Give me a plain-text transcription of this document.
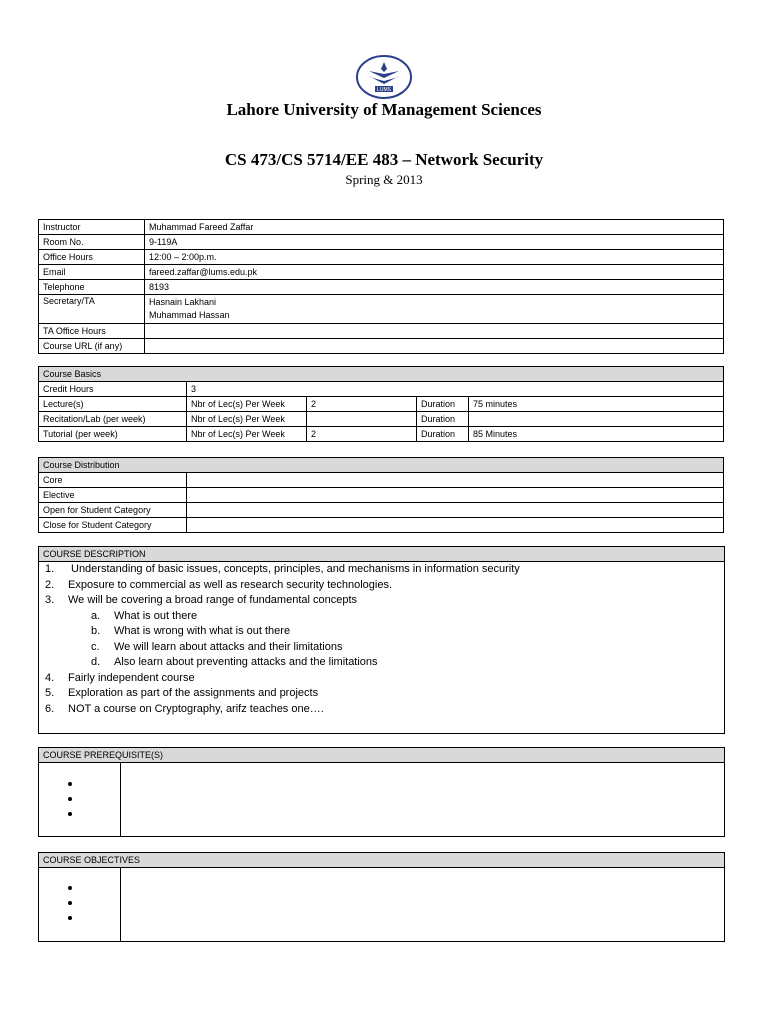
LUMS
Lahore University of Management Sciences
CS 473/CS 5714/EE 483 – Network Security
Spring & 2013
Instructor	Muhammad Fareed Zaffar
Room No.	9-119A
Office Hours	12:00 – 2:00p.m.
Email	fareed.zaffar@lums.edu.pk
Telephone	8193
Secretary/TA	Hasnain Lakhani
Muhammad Hassan

TA Office Hours	
Course URL (if any)	
Course Basics				
Credit Hours	3			
Lecture(s)	Nbr of Lec(s) Per Week	2	Duration	75 minutes
Recitation/Lab (per week)	Nbr of Lec(s) Per Week		Duration	
Tutorial (per week)	Nbr of Lec(s) Per Week	2	Duration	85 Minutes
Course Distribution	
Core	
Elective	
Open for Student Category	
Close for Student Category	
COURSE DESCRIPTION
1. Understanding of basic issues, concepts, principles, and mechanisms in information security
2. Exposure to commercial as well as research security technologies.
3. We will be covering a broad range of fundamental concepts
a. What is out there
b. What is wrong with what is out there
c. We will learn about attacks and their limitations
d. Also learn about preventing attacks and the limitations
4. Fairly independent course
5. Exploration as part of the assignments and projects
6. NOT a course on Cryptography, arifz teaches one….
COURSE PREREQUISITE(S)
COURSE OBJECTIVES
